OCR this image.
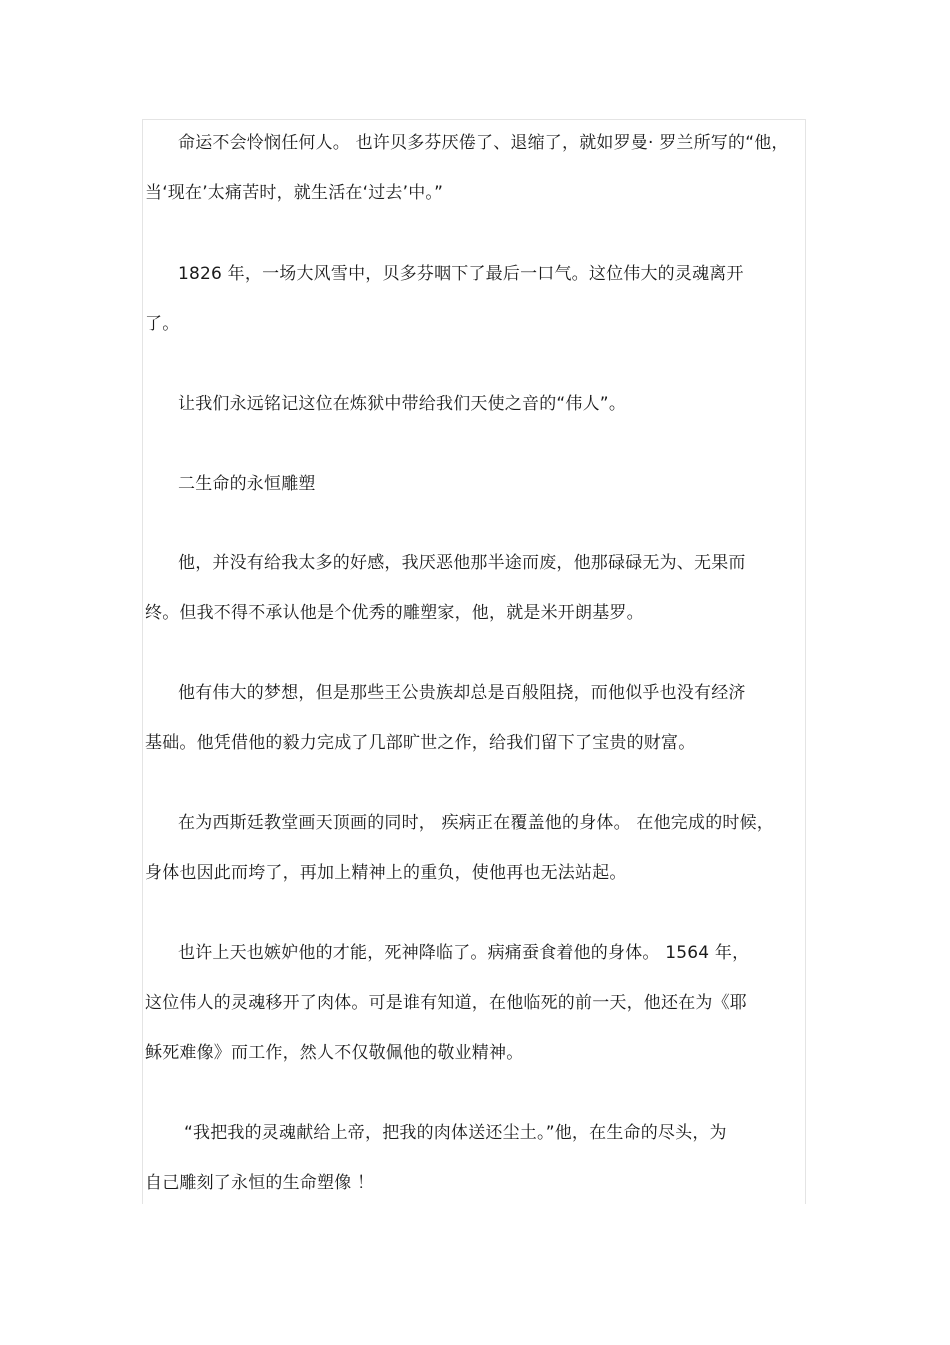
命运不会怜悯任何人。 也许贝多芬厌倦了、退缩了，就如罗曼· 罗兰所写的“他，
当‘现在’太痛苦时，就生活在‘过去’中。”
1826 年，一场大风雪中，贝多芬咽下了最后一口气。这位伟大的灵魂离开
了。
让我们永远铭记这位在炼狱中带给我们天使之音的“伟人”。
二生命的永恒雕塑
他，并没有给我太多的好感，我厌恶他那半途而废，他那碌碌无为、无果而
终。但我不得不承认他是个优秀的雕塑家，他，就是米开朗基罗。
他有伟大的梦想，但是那些王公贵族却总是百般阻挠，而他似乎也没有经济
基础。他凭借他的毅力完成了几部旷世之作，给我们留下了宝贵的财富。
在为西斯廷教堂画天顶画的同时， 疾病正在覆盖他的身体。 在他完成的时候，
身体也因此而垮了，再加上精神上的重负，使他再也无法站起。
也许上天也嫉妒他的才能，死神降临了。病痛蚕食着他的身体。 1564 年，
这位伟人的灵魂移开了肉体。可是谁有知道，在他临死的前一天，他还在为《耶
稣死难像》而工作，然人不仅敬佩他的敬业精神。
“我把我的灵魂献给上帝，把我的肉体送还尘土。”他，在生命的尽头，为
自己雕刻了永恒的生命塑像 ！
